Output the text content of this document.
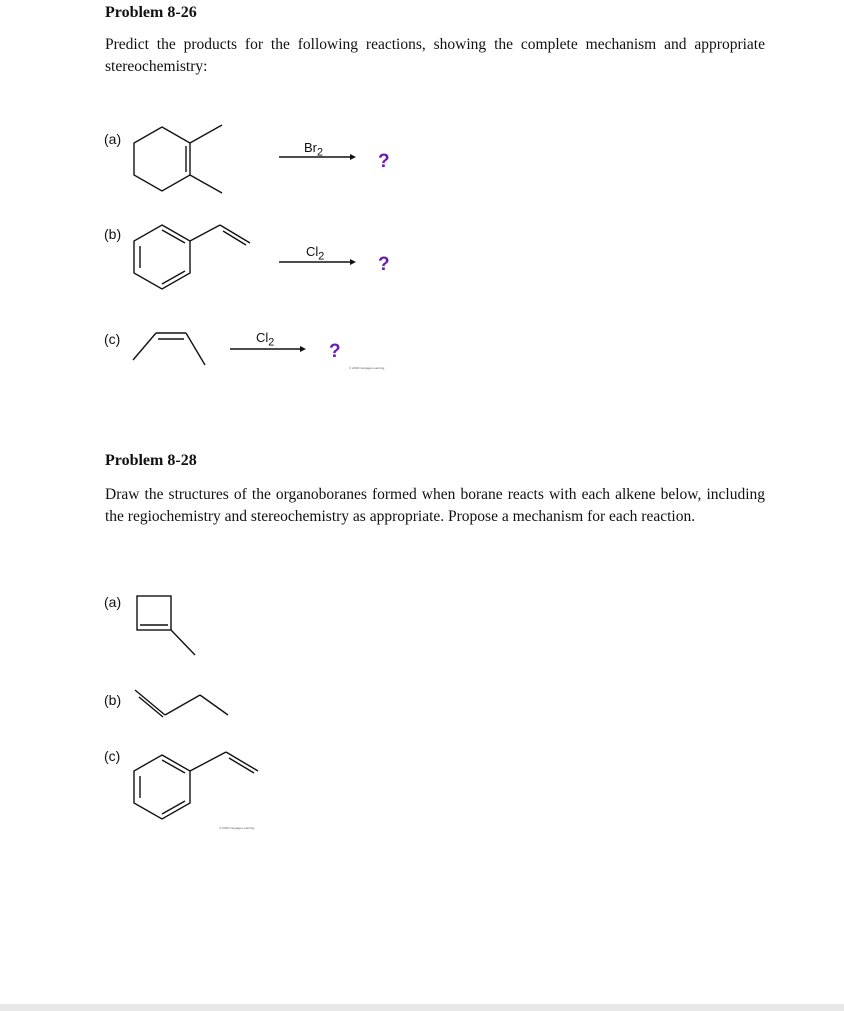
Problem 8-26
Predict the products for the following reactions, showing the complete mechanism and appropriate stereochemistry:
(a)
$Br_2$	?
(b)
$Cl_2$	?
(c)	$Cl_2$	?
© 2016 Cengage Learning
Problem 8-28
Draw the structures of the organoboranes formed when borane reacts with each alkene below, including the regiochemistry and stereochemistry as appropriate. Propose a mechanism for each reaction.
(a)
(b)
(c)
© 2016 Cengage Learning
